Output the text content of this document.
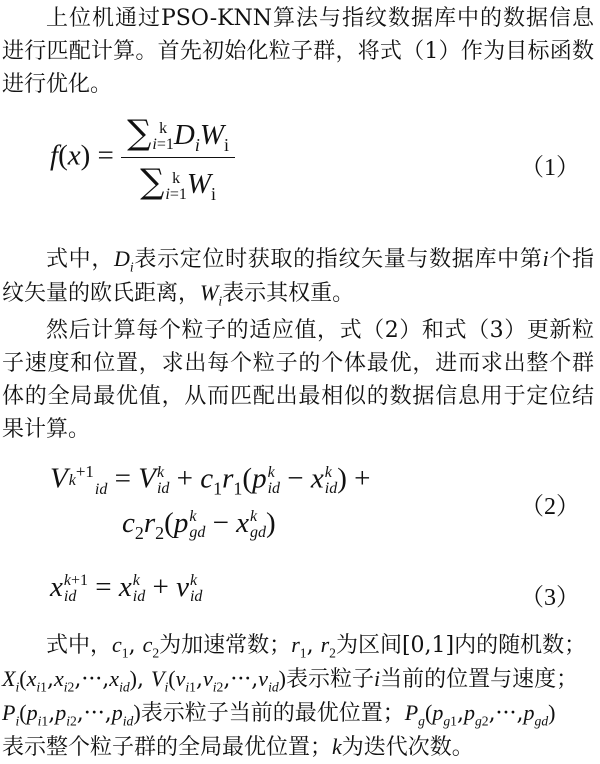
上位机通过PSO-KNN算法与指纹数据库中的数据信息进行匹配计算。首先初始化粒子群，将式（1）作为目标函数进行优化。
f(x) = ∑ k
i=1 $D_iW_i$
∑ k
i=1 $W_i$	（1）
式中，$D_i$表示定位时获取的指纹矢量与数据库中第i个指纹矢量的欧氏距离，$W_i$表示其权重。
然后计算每个粒子的适应值，式（2）和式（3）更新粒子速度和位置，求出每个粒子的个体最优，进而求出整个群体的全局最优值，从而匹配出最相似的数据信息用于定位结果计算。
V k $^{+1}$
id = V k
id + $c_1r_1(p$ k
id − x k
id ) +
$c_2r_2(p$ k
gd − x k
gd )	（2）
x k+1
id = x k
id + v k
id	（3）
式中，$c_1$, $c_2$为加速常数；$r_1$, $r_2$为区间[0,1]内的随机数；
$X_i(x_{i1},x_{i2},\cdot\cdot\cdot,x_{id})$, $V_i(v_{i1},v_{i2},\cdot\cdot\cdot,v_{id})$表示粒子i当前的位置与速度；
$P_i(p_{i1},p_{i2},\cdot\cdot\cdot,p_{id})$表示粒子当前的最优位置；$P_g(p_{g1},p_{g2},\cdot\cdot\cdot,p_{gd})$
表示整个粒子群的全局最优位置；k为迭代次数。
